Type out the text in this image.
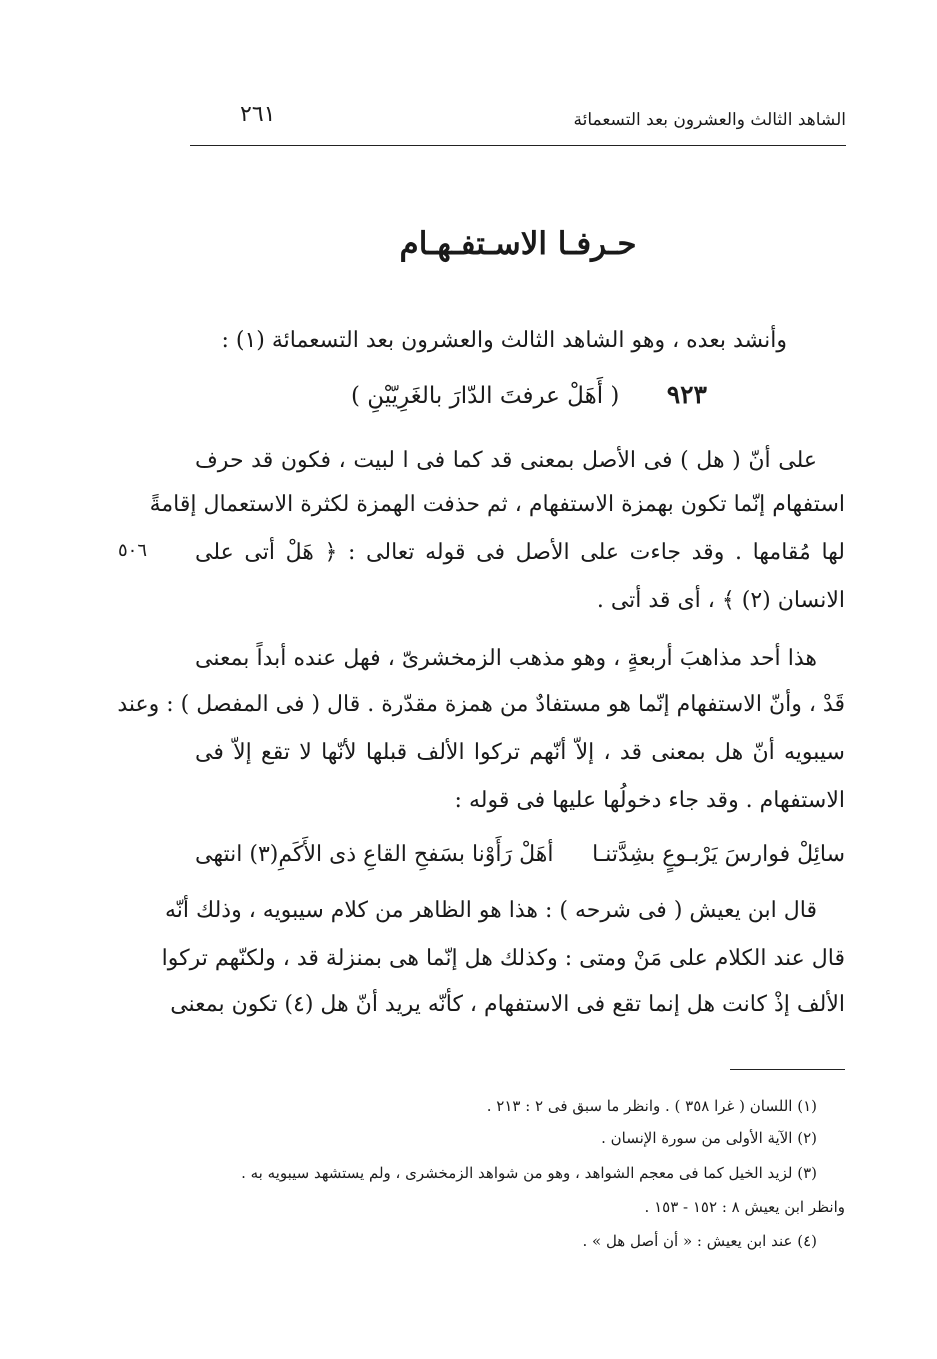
الشاهد الثالث والعشرون بعد التسعمائة
٢٦١
حـرفـا الاسـتفـهـام
وأنشد بعده ، وهو الشاهد الثالث والعشرون بعد التسعمائة (١) :
٩٢٣ ( أَهَلْ عرفتَ الدّارَ بالغَرِيّيْنِ )
٥٠٦
على أنّ ( هل ) فى الأصل بمعنى قد كما فى ا لبيت ، فكون قد حرف
استفهام إنّما تكون بهمزة الاستفهام ، ثم حذفت الهمزة لكثرة الاستعمال إقامةً
لها مُقامها . وقد جاءت على الأصل فى قوله تعالى : ﴿ هَلْ أتى على
الانسان (٢) ﴾ ، أى قد أتى .
هذا أحد مذاهبَ أربعةٍ ، وهو مذهب الزمخشرىّ ، فهل عنده أبداً بمعنى
قَدْ ، وأنّ الاستفهام إنّما هو مستفادٌ من همزة مقدّرة . قال ( فى المفصل ) : وعند
سيبويه أنّ هل بمعنى قد ، إلاّ أنّهم تركوا الألف قبلها لأنّها لا تقع إلاّ فى
الاستفهام . وقد جاء دخولُها عليها فى قوله :
سائِلْ فوارسَ يَرْبـوعٍ بشِدَّتنـا
أهَلْ رَأَوْنا بسَفحِ القاعِ ذى الأَكَمِ(٣) انتهى
قال ابن يعيش ( فى شرحه ) : هذا هو الظاهر من كلام سيبويه ، وذلك أنّه
قال عند الكلام على مَنْ ومتى : وكذلك هل إنّما هى بمنزلة قد ، ولكنّهم تركوا
الألف إذْ كانت هل إنما تقع فى الاستفهام ، كأنّه يريد أنّ هل (٤) تكون بمعنى
(١) اللسان ( غرا ٣٥٨ ) . وانظر ما سبق فى ٢ : ٢١٣ .
(٢) الآية الأولى من سورة الإنسان .
(٣) لزيد الخيل كما فى معجم الشواهد ، وهو من شواهد الزمخشرى ، ولم يستشهد سيبويه به .
وانظر ابن يعيش ٨ : ١٥٢ - ١٥٣ .
(٤) عند ابن يعيش : « أن أصل هل » .
